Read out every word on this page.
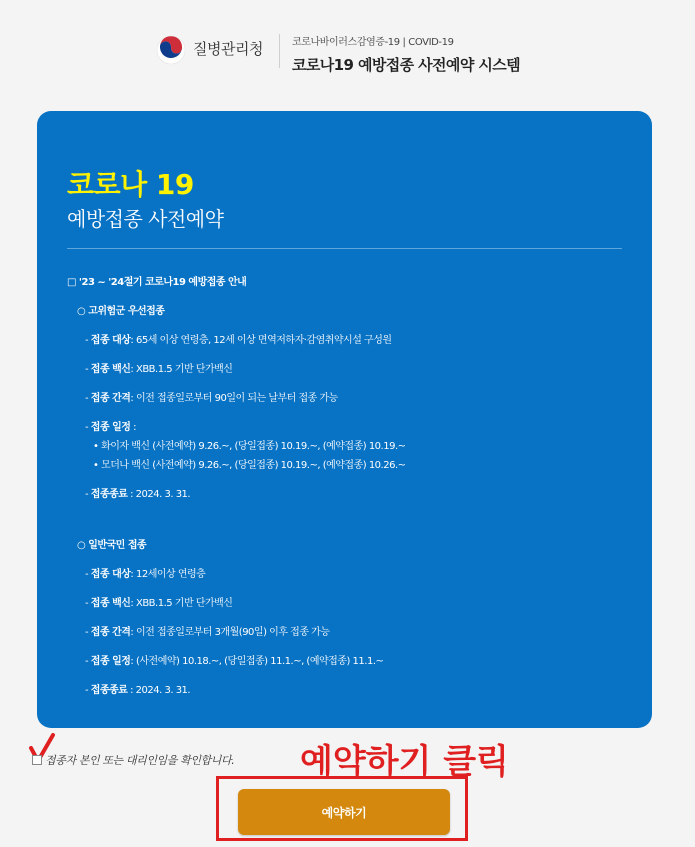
질병관리청	코로나바이러스감염증-19 | COVID-19
코로나19 예방접종 사전예약 시스템
코로나 19
예방접종 사전예약
□ '23 ~ '24절기 코로나19 예방접종 안내
○ 고위험군 우선접종
- 접종 대상: 65세 이상 연령층, 12세 이상 면역저하자·감염취약시설 구성원
- 접종 백신: XBB.1.5 기반 단가백신
- 접종 간격: 이전 접종일로부터 90일이 되는 날부터 접종 가능
- 접종 일정 :
• 화이자 백신 (사전예약) 9.26.~, (당일접종) 10.19.~, (예약접종) 10.19.~
• 모더나 백신 (사전예약) 9.26.~, (당일접종) 10.19.~, (예약접종) 10.26.~
- 접종종료 : 2024. 3. 31.
○ 일반국민 접종
- 접종 대상: 12세이상 연령층
- 접종 백신: XBB.1.5 기반 단가백신
- 접종 간격: 이전 접종일로부터 3개월(90일) 이후 접종 가능
- 접종 일정: (사전예약) 10.18.~, (당일접종) 11.1.~, (예약접종) 11.1.~
- 접종종료 : 2024. 3. 31.
접종자 본인 또는 대리인임을 확인합니다. 예약하기 클릭
예약하기
